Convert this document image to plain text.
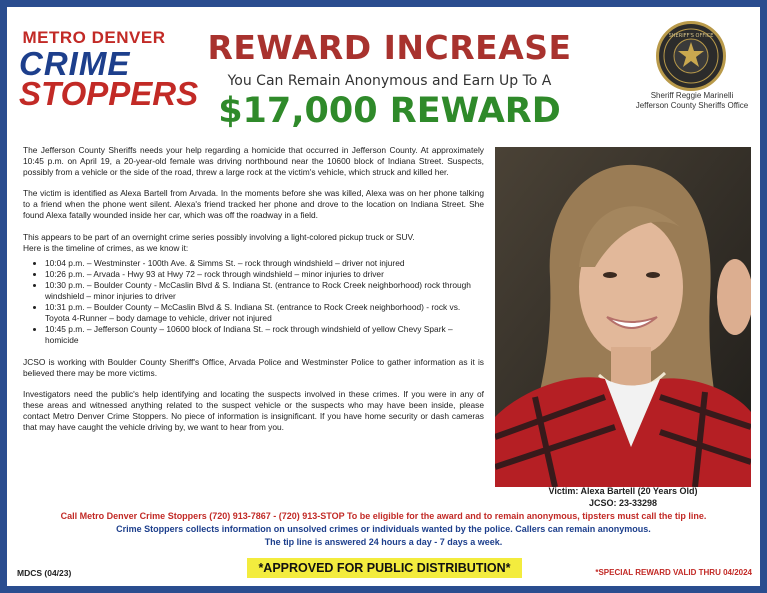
METRO DENVER
CRIME
STOPPERS
REWARD INCREASE
You Can Remain Anonymous and Earn Up To A
$17,000 REWARD
SHERIFF'S OFFICE
Sheriff Reggie Marinelli
Jefferson County Sheriffs Office

The Jefferson County Sheriffs needs your help regarding a homicide that occurred in Jefferson County. At approximately 10:45 p.m. on April 19, a 20-year-old female was driving northbound near the 10600 block of Indiana Street. Suspects, possibly from a vehicle or the side of the road, threw a large rock at the victim's vehicle, which struck and killed her.

The victim is identified as Alexa Bartell from Arvada. In the moments before she was killed, Alexa was on her phone talking to a friend when the phone went silent. Alexa's friend tracked her phone and drove to the location on Indiana Street. She found Alexa fatally wounded inside her car, which was off the roadway in a field.

This appears to be part of an overnight crime series possibly involving a light-colored pickup truck or SUV.
Here is the timeline of crimes, as we know it:

• 10:04 p.m. – Westminster - 100th Ave. & Simms St. – rock through windshield – driver not injured
• 10:26 p.m. – Arvada - Hwy 93 at Hwy 72 – rock through windshield – minor injuries to driver
• 10:30 p.m. – Boulder County - McCaslin Blvd & S. Indiana St. (entrance to Rock Creek neighborhood) rock through windshield – minor injuries to driver
• 10:31 p.m. – Boulder County – McCaslin Blvd & S. Indiana St. (entrance to Rock Creek neighborhood) - rock vs. Toyota 4-Runner – body damage to vehicle, driver not injured
• 10:45 p.m. – Jefferson County – 10600 block of Indiana St. – rock through windshield of yellow Chevy Spark – homicide

JCSO is working with Boulder County Sheriff's Office, Arvada Police and Westminster Police to gather information as it is believed there may be more victims.

Investigators need the public's help identifying and locating the suspects involved in these crimes. If you were in any of these areas and witnessed anything related to the suspect vehicle or the suspects who may have been inside, please contact Metro Denver Crime Stoppers. No piece of information is insignificant. If you have home security or dash cameras that may have caught the vehicle driving by, we want to hear from you.

Victim: Alexa Bartell (20 Years Old)
JCSO: 23-33298
Call Metro Denver Crime Stoppers (720) 913-7867 - (720) 913-STOP To be eligible for the award and to remain anonymous, tipsters must call the tip line.
Crime Stoppers collects information on unsolved crimes or individuals wanted by the police. Callers can remain anonymous.
The tip line is answered 24 hours a day - 7 days a week.
MDCS (04/23)	*APPROVED FOR PUBLIC DISTRIBUTION*	*SPECIAL REWARD VALID THRU 04/2024
